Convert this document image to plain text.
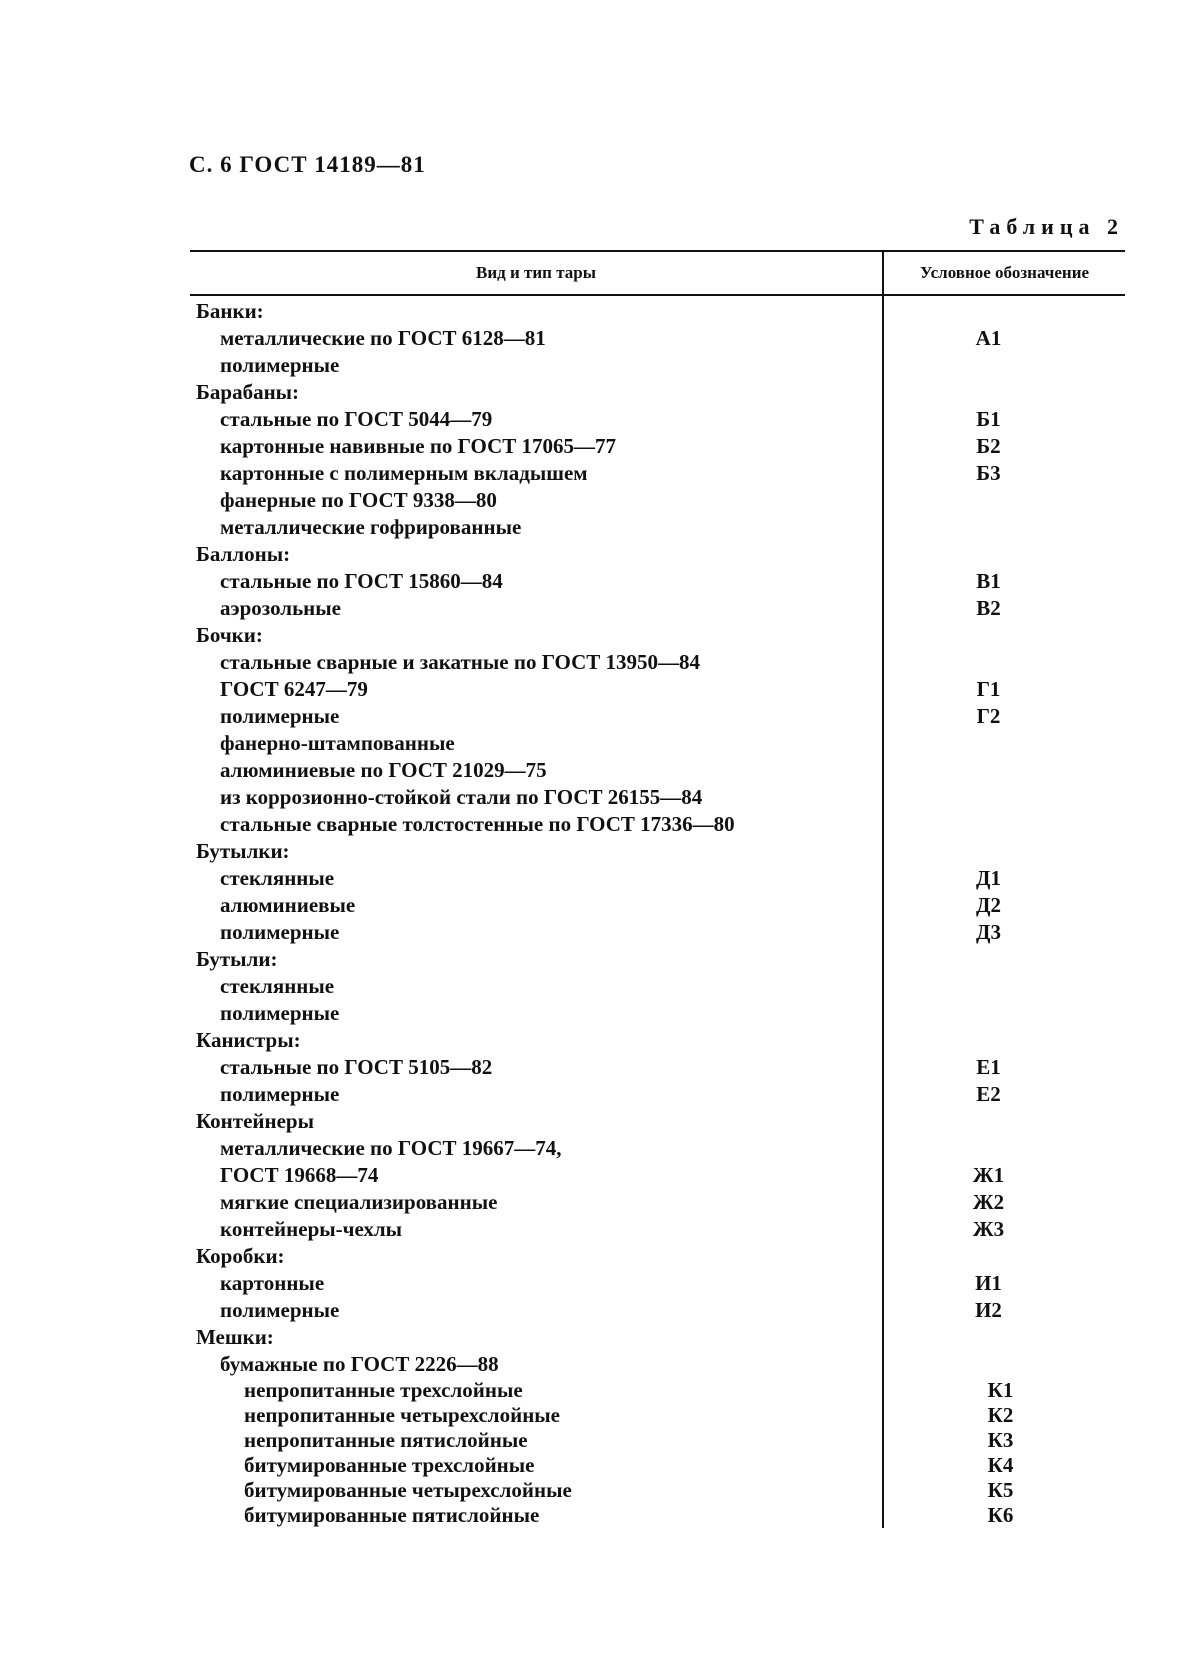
С. 6 ГОСТ 14189—81
Таблица 2
Вид и тип тары	Условное обозначение
Банки:
металлические по ГОСТ 6128—81	А1
полимерные
Барабаны:
стальные по ГОСТ 5044—79	Б1
картонные навивные по ГОСТ 17065—77	Б2
картонные с полимерным вкладышем	Б3
фанерные по ГОСТ 9338—80
металлические гофрированные
Баллоны:
стальные по ГОСТ 15860—84	В1
аэрозольные	В2
Бочки:
стальные сварные и закатные по ГОСТ 13950—84
ГОСТ 6247—79	Г1
полимерные	Г2
фанерно-штампованные
алюминиевые по ГОСТ 21029—75
из коррозионно-стойкой стали по ГОСТ 26155—84
стальные сварные толстостенные по ГОСТ 17336—80
Бутылки:
стеклянные	Д1
алюминиевые	Д2
полимерные	Д3
Бутыли:
стеклянные
полимерные
Канистры:
стальные по ГОСТ 5105—82	Е1
полимерные	Е2
Контейнеры
металлические по ГОСТ 19667—74,
ГОСТ 19668—74	Ж1
мягкие специализированные	Ж2
контейнеры-чехлы	Ж3
Коробки:
картонные	И1
полимерные	И2
Мешки:
бумажные по ГОСТ 2226—88
непропитанные трехслойные	К1
непропитанные четырехслойные	К2
непропитанные пятислойные	К3
битумированные трехслойные	К4
битумированные четырехслойные	К5
битумированные пятислойные	К6
